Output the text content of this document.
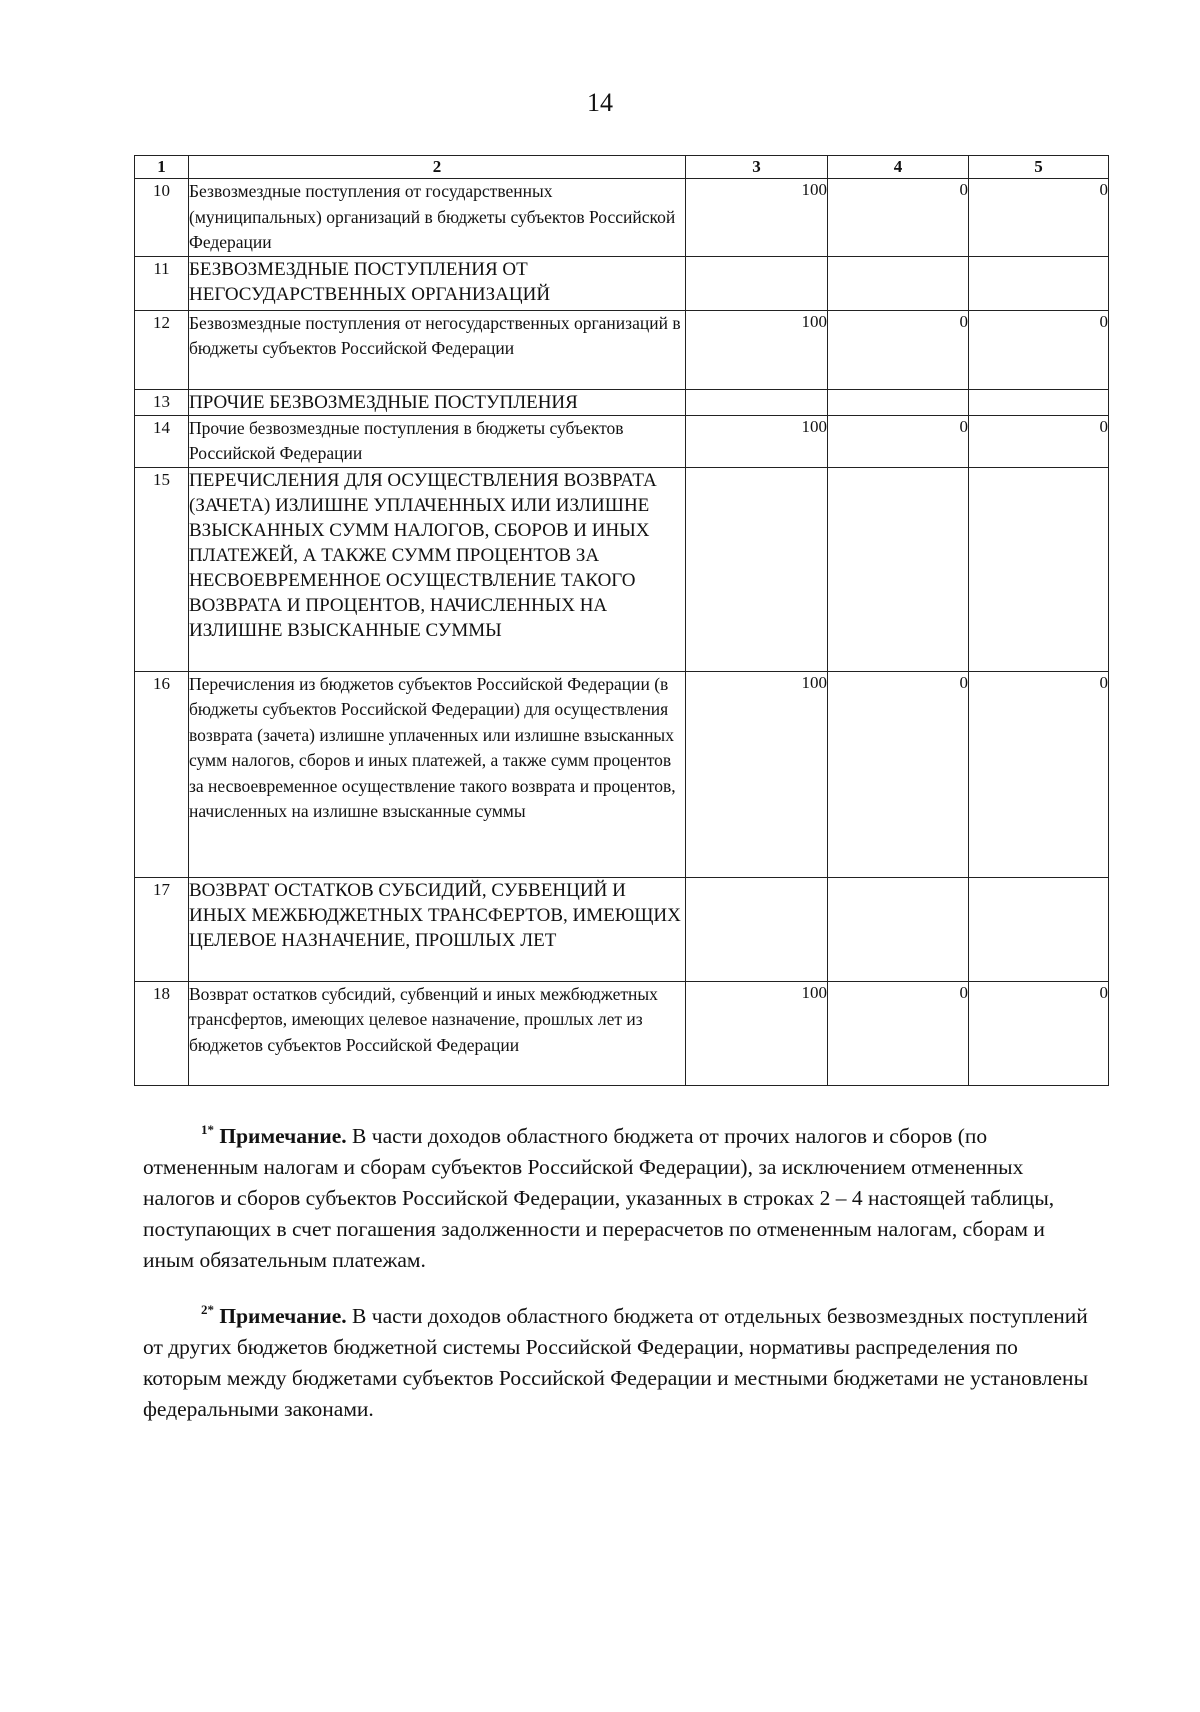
14
1	2	3	4	5
10	Безвозмездные поступления от государственных (муниципальных) организаций в бюджеты субъектов Российской Федерации	100	0	0
11	БЕЗВОЗМЕЗДНЫЕ ПОСТУПЛЕНИЯ ОТ НЕГОСУДАРСТВЕННЫХ ОРГАНИЗАЦИЙ			
12	Безвозмездные поступления от негосударственных организаций в бюджеты субъектов Российской Федерации	100	0	0
13	ПРОЧИЕ БЕЗВОЗМЕЗДНЫЕ ПОСТУПЛЕНИЯ			
14	Прочие безвозмездные поступления в бюджеты субъектов Российской Федерации	100	0	0
15	ПЕРЕЧИСЛЕНИЯ ДЛЯ ОСУЩЕСТВЛЕНИЯ ВОЗВРАТА (ЗАЧЕТА) ИЗЛИШНЕ УПЛАЧЕННЫХ ИЛИ ИЗЛИШНЕ ВЗЫСКАННЫХ СУММ НАЛОГОВ, СБОРОВ И ИНЫХ ПЛАТЕЖЕЙ, А ТАКЖЕ СУММ ПРОЦЕНТОВ ЗА НЕСВОЕВРЕМЕННОЕ ОСУЩЕСТВЛЕНИЕ ТАКОГО ВОЗВРАТА И ПРОЦЕНТОВ, НАЧИСЛЕННЫХ НА ИЗЛИШНЕ ВЗЫСКАННЫЕ СУММЫ			
16	Перечисления из бюджетов субъектов Российской Федерации (в бюджеты субъектов Российской Федерации) для осуществления возврата (зачета) излишне уплаченных или излишне взысканных сумм налогов, сборов и иных платежей, а также сумм процентов за несвоевременное осуществление такого возврата и процентов, начисленных на излишне взысканные суммы	100	0	0
17	ВОЗВРАТ ОСТАТКОВ СУБСИДИЙ, СУБВЕНЦИЙ И ИНЫХ МЕЖБЮДЖЕТНЫХ ТРАНСФЕРТОВ, ИМЕЮЩИХ ЦЕЛЕВОЕ НАЗНАЧЕНИЕ, ПРОШЛЫХ ЛЕТ			
18	Возврат остатков субсидий, субвенций и иных межбюджетных трансфертов, имеющих целевое назначение, прошлых лет из бюджетов субъектов Российской Федерации	100	0	0

$^{1*}$ Примечание. В части доходов областного бюджета от прочих налогов и сборов (по отмененным налогам и сборам субъектов Российской Федерации), за исключением отмененных налогов и сборов субъектов Российской Федерации, указанных в строках 2 – 4 настоящей таблицы, поступающих в счет погашения задолженности и перерасчетов по отмененным налогам, сборам и иным обязательным платежам.

$^{2*}$ Примечание. В части доходов областного бюджета от отдельных безвозмездных поступлений от других бюджетов бюджетной системы Российской Федерации, нормативы распределения по которым между бюджетами субъектов Российской Федерации и местными бюджетами не установлены федеральными законами.
